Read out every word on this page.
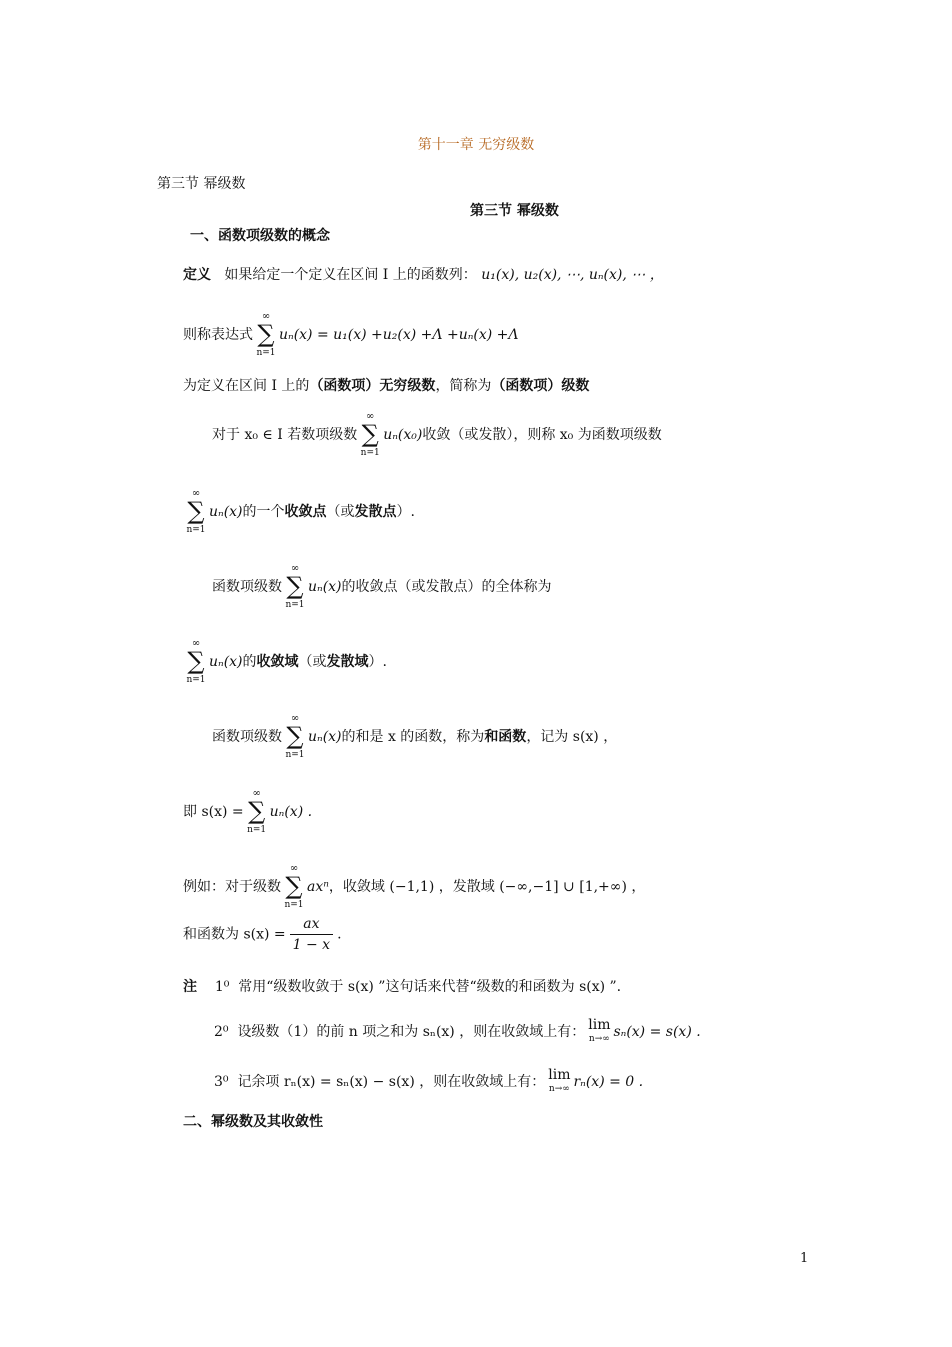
第十一章 无穷级数
第三节 幂级数
第三节 幂级数
一、函数项级数的概念
定义 如果给定一个定义在区间 I 上的函数列： u₁(x), u₂(x), ⋯, uₙ(x), ⋯ ，
则称表达式
∞
∑
n=1
uₙ(x) = u₁(x) +u₂(x) +Λ +uₙ(x) +Λ
为定义在区间 I 上的（函数项）无穷级数，简称为（函数项）级数
对于 x₀ ∈ I 若数项级数
∞
∑
n=1
uₙ(x₀)收敛（或发散），则称 x₀ 为函数项级数
∞
∑
n=1
uₙ(x)的一个收敛点（或发散点）.
函数项级数
∞
∑
n=1
uₙ(x)的收敛点（或发散点）的全体称为
∞
∑
n=1
uₙ(x)的收敛域（或发散域）.
函数项级数
∞
∑
n=1
uₙ(x)的和是 x 的函数，称为和函数，记为 s(x) ，
即 s(x) =
∞
∑
n=1
uₙ(x) .
例如：对于级数
∞
∑
n=1
axⁿ，收敛域 (−1,1) ，发散域 (−∞,−1] ∪ [1,+∞) ，
和函数为 $s(x) = \frac{ax}{1 - x}$ .
注 1⁰ 常用“级数收敛于 s(x) ”这句话来代替“级数的和函数为 s(x) ”.
2⁰ 设级数（1）的前 n 项之和为 sₙ(x) ，则在收敛域上有： lim
n→∞ sₙ(x) = s(x) .
3⁰ 记余项 rₙ(x) = sₙ(x) − s(x) ，则在收敛域上有： lim
n→∞ rₙ(x) = 0 .
二、幂级数及其收敛性
1
